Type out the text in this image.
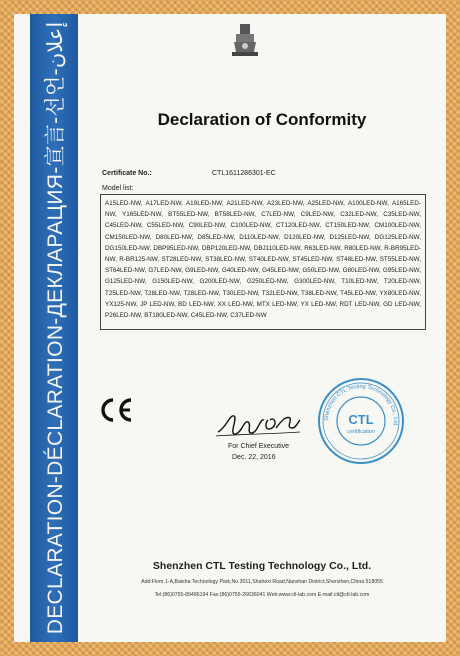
DECLARATION-DÉCLARATION-ДЕКЛАРАЦИЯ-宣言-선언-إعلان
Declaration of Conformity
Certificate No.:	CTL1611286301-EC
Model list:

A15LED-NW, A17LED-NW, A19LED-NW, A21LED-NW, A23LED-NW, A25LED-NW, A100LED-NW, A165LED-NW, Y165LED-NW, BT55LED-NW, BT58LED-NW, C7LED-NW, C9LED-NW, C32LED-NW, C35LED-NW, C45LED-NW, C55LED-NW, C90LED-NW, C100LED-NW, CT120LED-NW, CT150LED-NW, CM100LED-NW, CM150LED-NW, D80LED-NW, D85LED-NW, D110LED-NW, D120LED-NW, D125LED-NW, DG125LED-NW, DG150LED-NW, DBP95LED-NW, DBP120LED-NW, DBJ110LED-NW, R63LED-NW, R80LED-NW, R-BR95LED-NW, R-BR125-NW, ST28LED-NW, ST38LED-NW, ST40LED-NW, ST45LED-NW, ST48LED-NW, ST55LED-NW, ST64LED-NW, G7LED-NW, G9LED-NW, G40LED-NW, G45LED-NW, G50LED-NW, G80LED-NW, G95LED-NW, G125LED-NW, G150LED-NW, G200LED-NW, G250LED-NW, G300LED-NW, T10LED-NW, T20LED-NW, T25LED-NW, T28LED-NW, T28LED-NW, T30LED-NW, T32LED-NW, T38LED-NW, T45LED-NW, YX80LED-NW, YX125-NW, JP LED-NW, BD LED-NW, XX LED-NW, MTX LED-NW, YX LED-NW, RDT LED-NW, GD LED-NW, P26LED-NW, BT180LED-NW, C45LED-NW, C37LED-NW

For Chief Executive
Dec. 22, 2016
Shenzhen CTL Testing Technology Co., Ltd.
CTL
certification
Shenzhen CTL Testing Technology Co., Ltd.
Add:Floor 1-A,Baisha Technology Park,No.3011,Shahexi Road,Nanshan District,Shenzhen,China 518055
Tel:(86)0755-89486194 Fax:(86)0755-26636041 Web:www.ctl-lab.com E-mail:ctl@ctl-lab.com
